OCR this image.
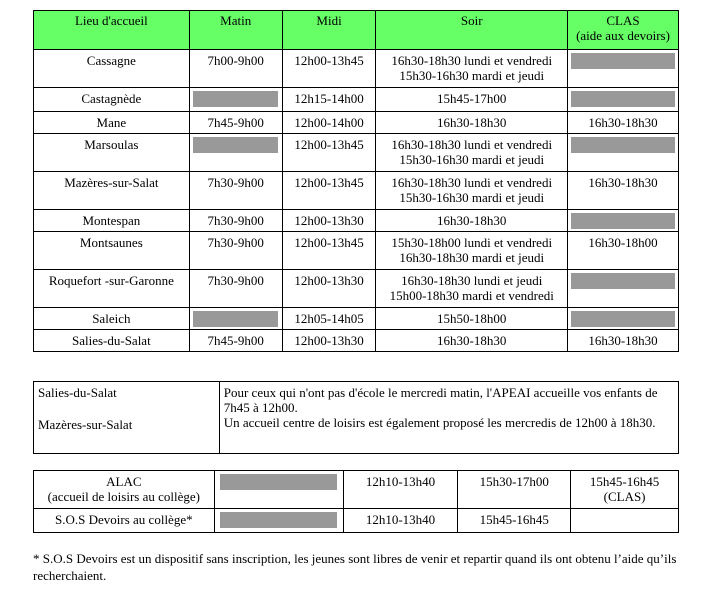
Lieu d'accueil	Matin	Midi	Soir	CLAS
(aide aux devoirs)

Cassagne	7h00-9h00	12h00-13h45	16h30-18h30 lundi et vendredi
15h30-16h30 mardi et jeudi	

Castagnède		12h15-14h00	15h45-17h00	

Mane	7h45-9h00	12h00-14h00	16h30-18h30	16h30-18h30
Marsoulas		12h00-13h45	16h30-18h30 lundi et vendredi
15h30-16h30 mardi et jeudi	

Mazères-sur-Salat	7h30-9h00	12h00-13h45	16h30-18h30 lundi et vendredi
15h30-16h30 mardi et jeudi	16h30-18h30
Montespan	7h30-9h00	12h00-13h30	16h30-18h30	

Montsaunes	7h30-9h00	12h00-13h45	15h30-18h00 lundi et vendredi
16h30-18h30 mardi et jeudi	16h30-18h00
Roquefort -sur-Garonne	7h30-9h00	12h00-13h30	16h30-18h30 lundi et jeudi
15h00-18h30 mardi et vendredi	

Saleich		12h05-14h05	15h50-18h00	

Salies-du-Salat	7h45-9h00	12h00-13h30	16h30-18h30	16h30-18h30
Salies-du-Salat
Mazères-sur-Salat

Pour ceux qui n'ont pas d'école le mercredi matin, l'APEAI accueille vos enfants de 7h45 à 12h00.
Un accueil centre de loisirs est également proposé les mercredis de 12h00 à 18h30.
ALAC
(accueil de loisirs au collège)		12h10-13h40	15h30-17h00	15h45-16h45
(CLAS)

S.O.S Devoirs au collège*		12h10-13h40	15h45-16h45	
* S.O.S Devoirs est un dispositif sans inscription, les jeunes sont libres de venir et repartir quand ils ont obtenu l’aide qu’ils recherchaient.
